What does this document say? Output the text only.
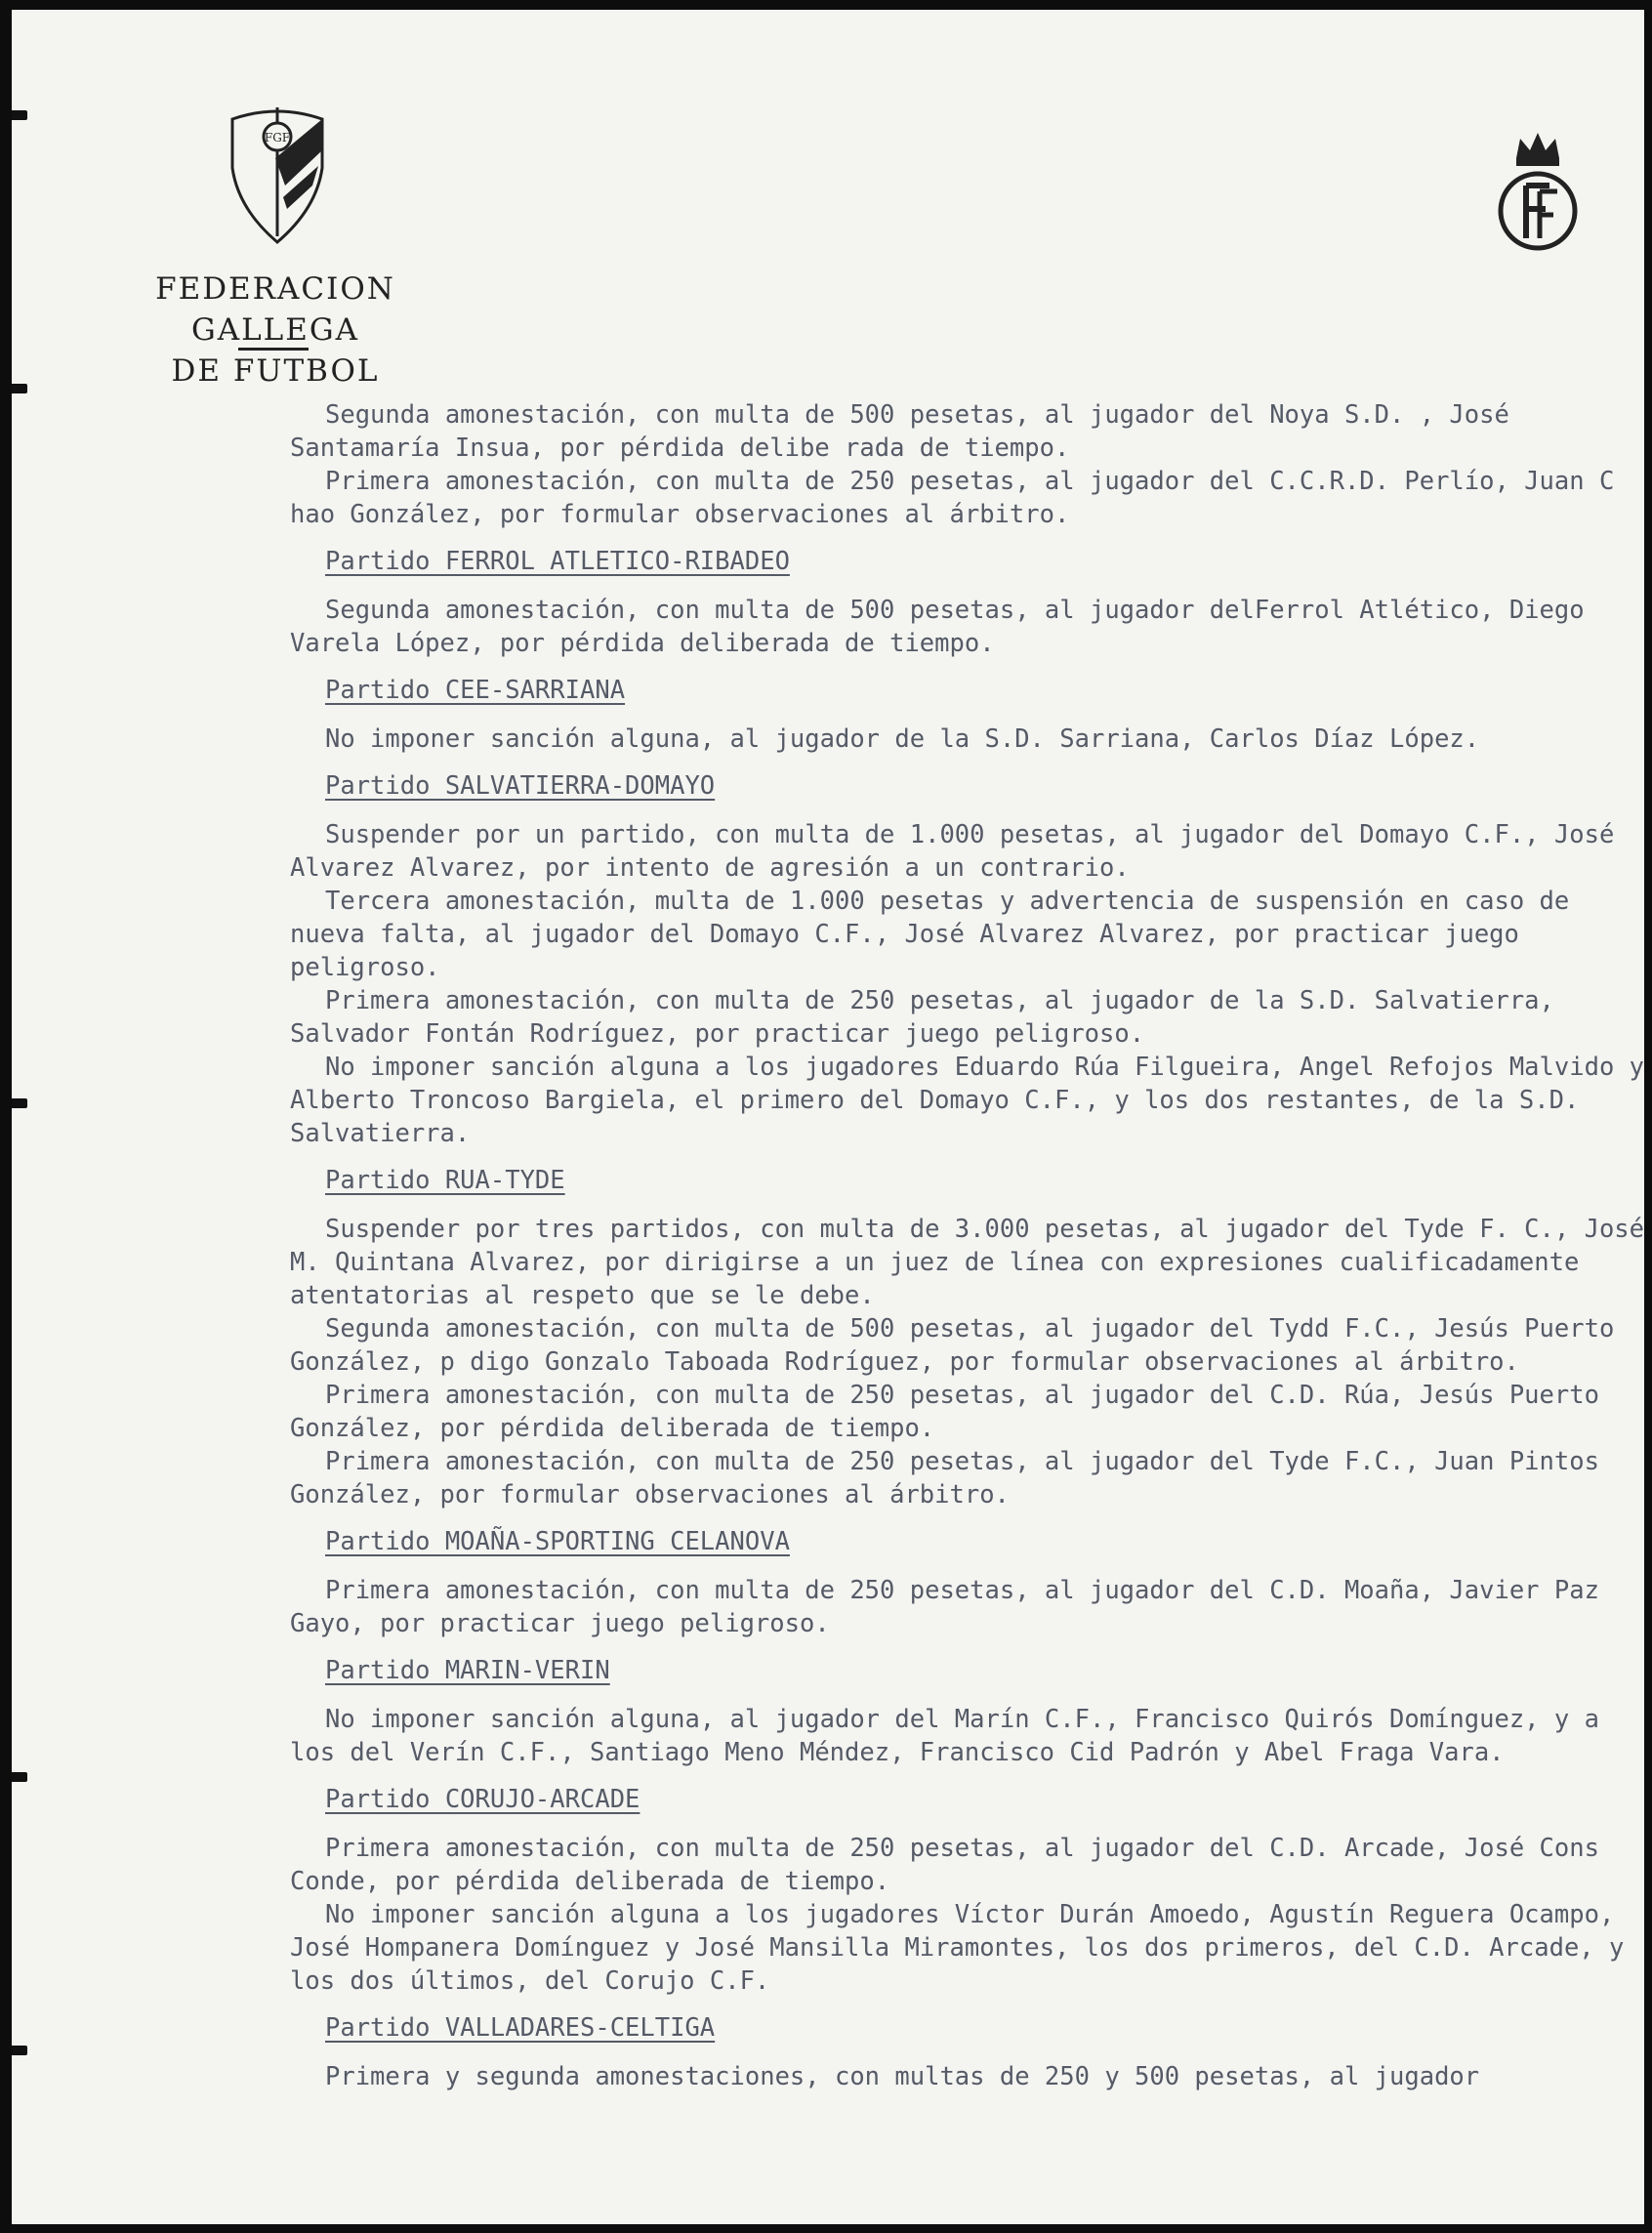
FGF
FEDERACION GALLEGA
DE FUTBOL

Segunda amonestación, con multa de 500 pesetas, al jugador del Noya S.D. , José Santamaría Insua, por pérdida delibe rada de tiempo.

Primera amonestación, con multa de 250 pesetas, al jugador del C.C.R.D. Perlío, Juan C hao González, por formular observaciones al árbitro.

Partido FERROL ATLETICO-RIBADEO

Segunda amonestación, con multa de 500 pesetas, al jugador delFerrol Atlético, Diego Varela López, por pérdida deliberada de tiempo.

Partido CEE-SARRIANA

No imponer sanción alguna, al jugador de la S.D. Sarriana, Carlos Díaz López.

Partido SALVATIERRA-DOMAYO

Suspender por un partido, con multa de 1.000 pesetas, al jugador del Domayo C.F., José Alvarez Alvarez, por intento de agresión a un contrario.

Tercera amonestación, multa de 1.000 pesetas y advertencia de suspensión en caso de nueva falta, al jugador del Domayo C.F., José Alvarez Alvarez, por practicar juego peligroso.

Primera amonestación, con multa de 250 pesetas, al jugador de la S.D. Salvatierra, Salvador Fontán Rodríguez, por practicar juego peligroso.

No imponer sanción alguna a los jugadores Eduardo Rúa Filgueira, Angel Refojos Malvido y Alberto Troncoso Bargiela, el primero del Domayo C.F., y los dos restantes, de la S.D. Salvatierra.

Partido RUA-TYDE

Suspender por tres partidos, con multa de 3.000 pesetas, al jugador del Tyde F. C., José M. Quintana Alvarez, por dirigirse a un juez de línea con expresiones cualificadamente atentatorias al respeto que se le debe.

Segunda amonestación, con multa de 500 pesetas, al jugador del Tydd F.C., Jesús Puerto González, p digo Gonzalo Taboada Rodríguez, por formular observaciones al árbitro.

Primera amonestación, con multa de 250 pesetas, al jugador del C.D. Rúa, Jesús Puerto González, por pérdida deliberada de tiempo.

Primera amonestación, con multa de 250 pesetas, al jugador del Tyde F.C., Juan Pintos González, por formular observaciones al árbitro.

Partido MOAÑA-SPORTING CELANOVA

Primera amonestación, con multa de 250 pesetas, al jugador del C.D. Moaña, Javier Paz Gayo, por practicar juego peligroso.

Partido MARIN-VERIN

No imponer sanción alguna, al jugador del Marín C.F., Francisco Quirós Domínguez, y a los del Verín C.F., Santiago Meno Méndez, Francisco Cid Padrón y Abel Fraga Vara.

Partido CORUJO-ARCADE

Primera amonestación, con multa de 250 pesetas, al jugador del C.D. Arcade, José Cons Conde, por pérdida deliberada de tiempo.

No imponer sanción alguna a los jugadores Víctor Durán Amoedo, Agustín Reguera Ocampo, José Hompanera Domínguez y José Mansilla Miramontes, los dos primeros, del C.D. Arcade, y los dos últimos, del Corujo C.F.

Partido VALLADARES-CELTIGA

Primera y segunda amonestaciones, con multas de 250 y 500 pesetas, al jugador
